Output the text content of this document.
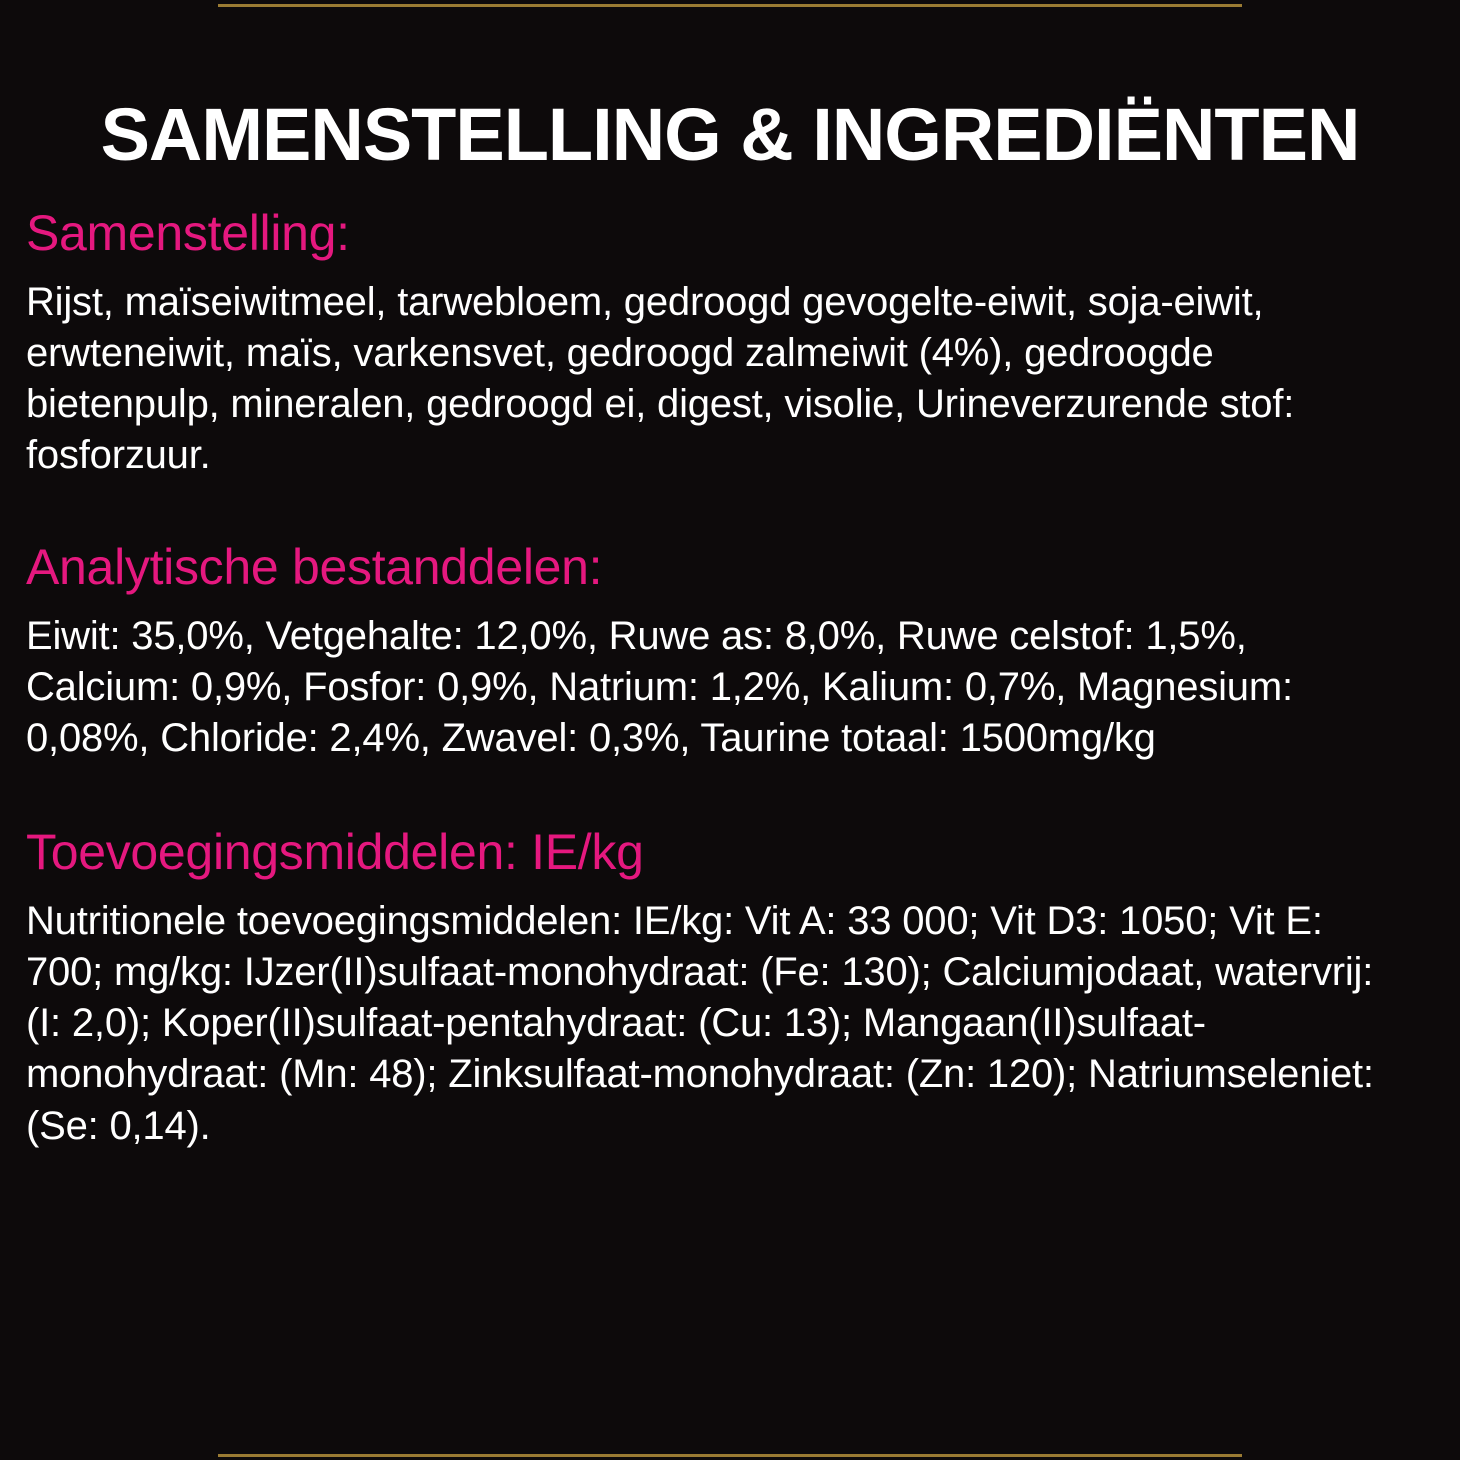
SAMENSTELLING & INGREDIËNTEN
Samenstelling:

Rijst, maïseiwitmeel, tarwebloem, gedroogd gevogelte-eiwit, soja-eiwit, erwteneiwit, maïs, varkensvet, gedroogd zalmeiwit (4%), gedroogde bietenpulp, mineralen, gedroogd ei, digest, visolie, Urineverzurende stof: fosforzuur.

Analytische bestanddelen:

Eiwit: 35,0%, Vetgehalte: 12,0%, Ruwe as: 8,0%, Ruwe celstof: 1,5%, Calcium: 0,9%, Fosfor: 0,9%, Natrium: 1,2%, Kalium: 0,7%, Magnesium: 0,08%, Chloride: 2,4%, Zwavel: 0,3%, Taurine totaal: 1500mg/kg

Toevoegingsmiddelen: IE/kg

Nutritionele toevoegingsmiddelen: IE/kg: Vit A: 33 000; Vit D3: 1050; Vit E: 700; mg/kg: IJzer(II)sulfaat-monohydraat: (Fe: 130); Calciumjodaat, watervrij: (I: 2,0); Koper(II)sulfaat-pentahydraat: (Cu: 13); Mangaan(II)sulfaat-monohydraat: (Mn: 48); Zinksulfaat-monohydraat: (Zn: 120); Natriumseleniet: (Se: 0,14).
